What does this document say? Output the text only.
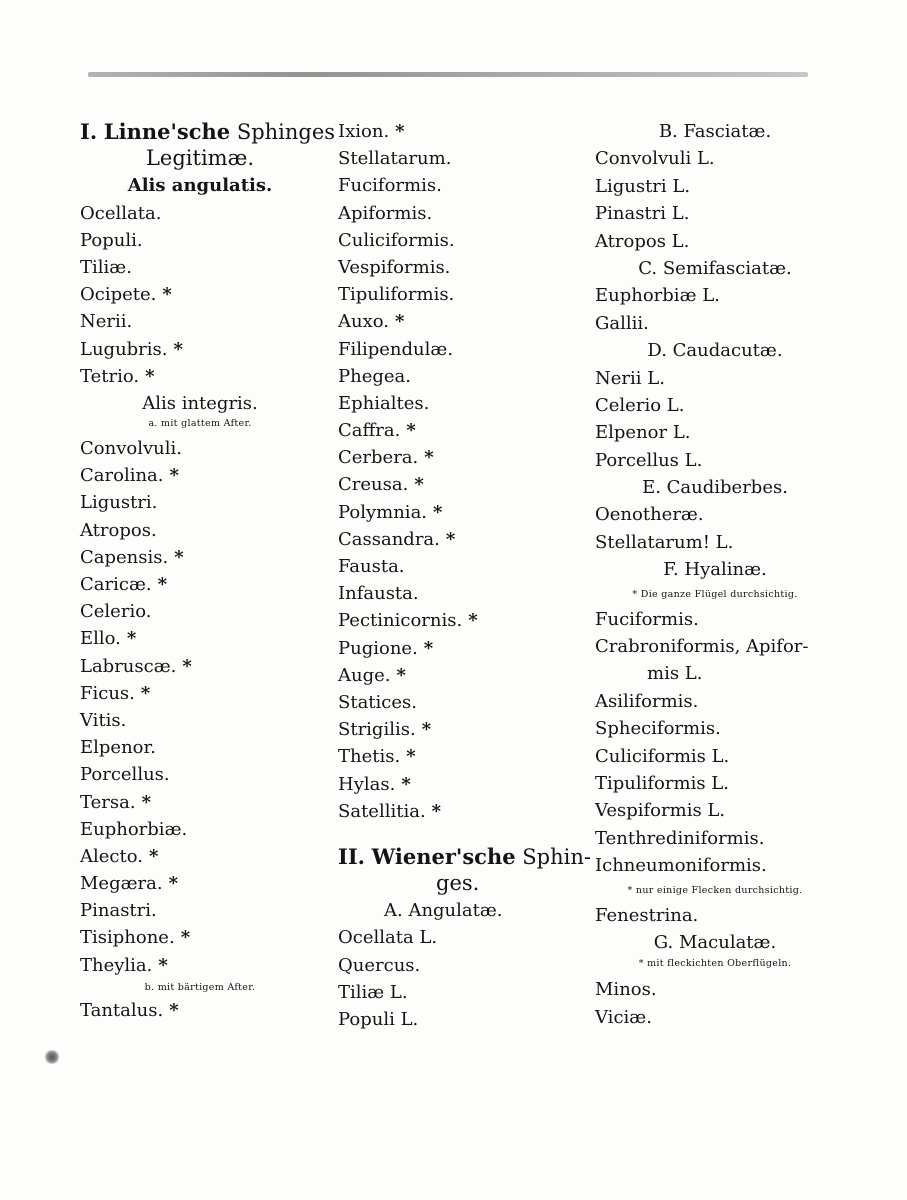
I. Linne'sche Sphinges
Legitimæ.
Alis angulatis.
Ocellata.
Populi.
Tiliæ.
Ocipete. *
Nerii.
Lugubris. *
Tetrio. *
Alis integris.
a. mit glattem After.
Convolvuli.
Carolina. *
Ligustri.
Atropos.
Capensis. *
Caricæ. *
Celerio.
Ello. *
Labruscæ. *
Ficus. *
Vitis.
Elpenor.
Porcellus.
Tersa. *
Euphorbiæ.
Alecto. *
Megæra. *
Pinastri.
Tisiphone. *
Theylia. *
b. mit bärtigem After.
Tantalus. *
Ixion. *
Stellatarum.
Fuciformis.
Apiformis.
Culiciformis.
Vespiformis.
Tipuliformis.
Auxo. *
Filipendulæ.
Phegea.
Ephialtes.
Caffra. *
Cerbera. *
Creusa. *
Polymnia. *
Cassandra. *
Fausta.
Infausta.
Pectinicornis. *
Pugione. *
Auge. *
Statices.
Strigilis. *
Thetis. *
Hylas. *
Satellitia. *
II. Wiener'sche Sphin-
ges.
A. Angulatæ.
Ocellata L.
Quercus.
Tiliæ L.
Populi L.
B. Fasciatæ.
Convolvuli L.
Ligustri L.
Pinastri L.
Atropos L.
C. Semifasciatæ.
Euphorbiæ L.
Gallii.
D. Caudacutæ.
Nerii L.
Celerio L.
Elpenor L.
Porcellus L.
E. Caudiberbes.
Oenotheræ.
Stellatarum! L.
F. Hyalinæ.
* Die ganze Flügel durchsichtig.
Fuciformis.
Crabroniformis, Apifor-
mis L.
Asiliformis.
Spheciformis.
Culiciformis L.
Tipuliformis L.
Vespiformis L.
Tenthrediniformis.
Ichneumoniformis.
* nur einige Flecken durchsichtig.
Fenestrina.
G. Maculatæ.
* mit fleckichten Oberflügeln.
Minos.
Viciæ.
